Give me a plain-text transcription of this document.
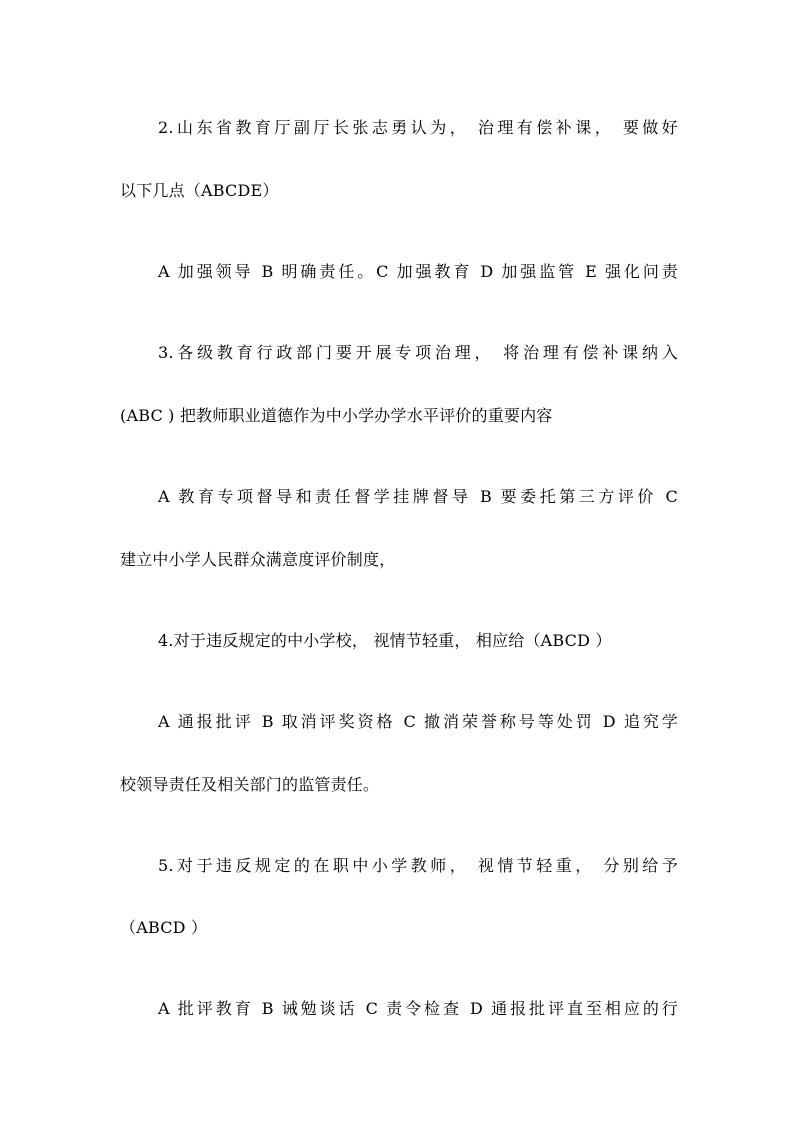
2.山东省教育厅副厅长张志勇认为， 治理有偿补课， 要做好
以下几点（ABCDE）
A 加强领导 B 明确责任。C 加强教育 D 加强监管 E 强化问责
3.各级教育行政部门要开展专项治理， 将治理有偿补课纳入
(ABC ) 把教师职业道德作为中小学办学水平评价的重要内容
A 教育专项督导和责任督学挂牌督导 B 要委托第三方评价 C
建立中小学人民群众满意度评价制度，
4.对于违反规定的中小学校， 视情节轻重， 相应给（ABCD ）
A 通报批评 B 取消评奖资格 C 撤消荣誉称号等处罚 D 追究学
校领导责任及相关部门的监管责任。
5.对于违反规定的在职中小学教师， 视情节轻重， 分别给予
（ABCD ）
A 批评教育 B 诫勉谈话 C 责令检查 D 通报批评直至相应的行
